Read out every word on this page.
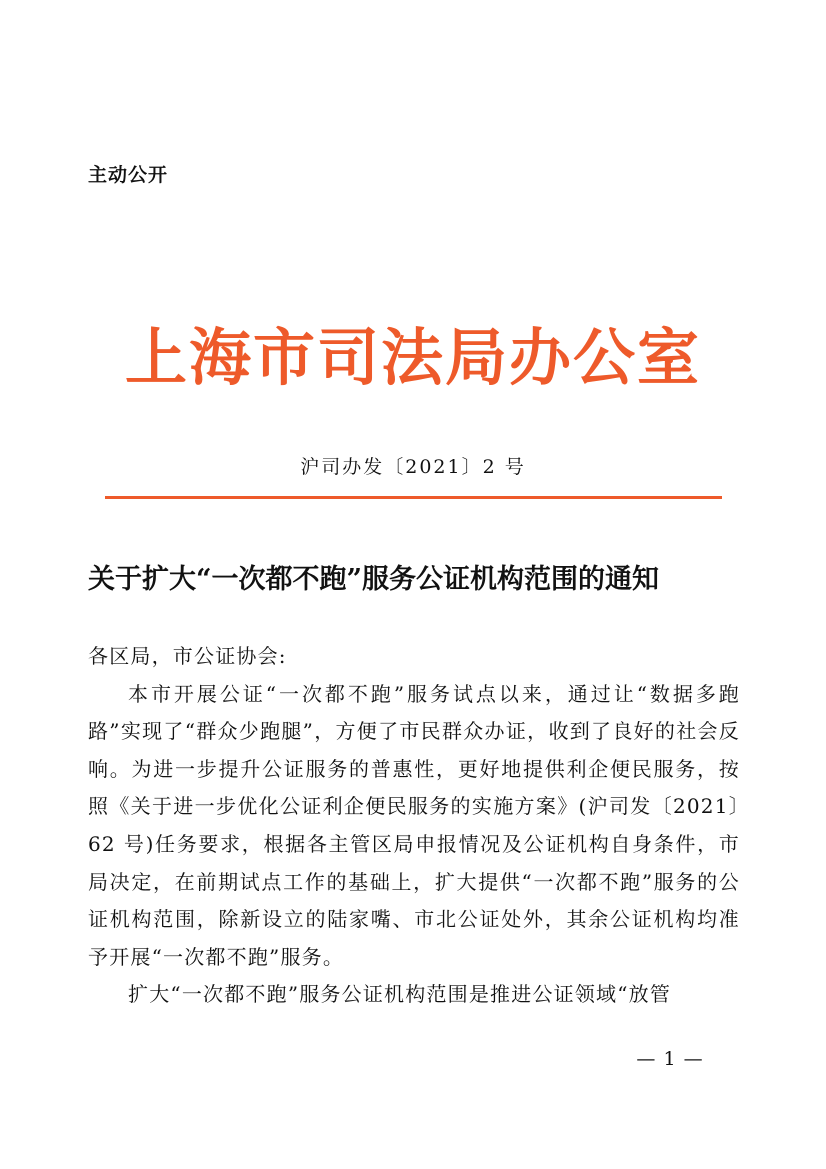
主动公开
上海市司法局办公室
沪司办发〔2021〕2 号
关于扩大“一次都不跑”服务公证机构范围的通知

各区局，市公证协会:

本市开展公证“一次都不跑”服务试点以来，通过让“数据多跑路”实现了“群众少跑腿”，方便了市民群众办证，收到了良好的社会反响。为进一步提升公证服务的普惠性，更好地提供利企便民服务，按照《关于进一步优化公证利企便民服务的实施方案》(沪司发〔2021〕62 号)任务要求，根据各主管区局申报情况及公证机构自身条件，市局决定，在前期试点工作的基础上，扩大提供“一次都不跑”服务的公证机构范围，除新设立的陆家嘴、市北公证处外，其余公证机构均准予开展“一次都不跑”服务。

扩大“一次都不跑”服务公证机构范围是推进公证领域“放管

— 1 —
